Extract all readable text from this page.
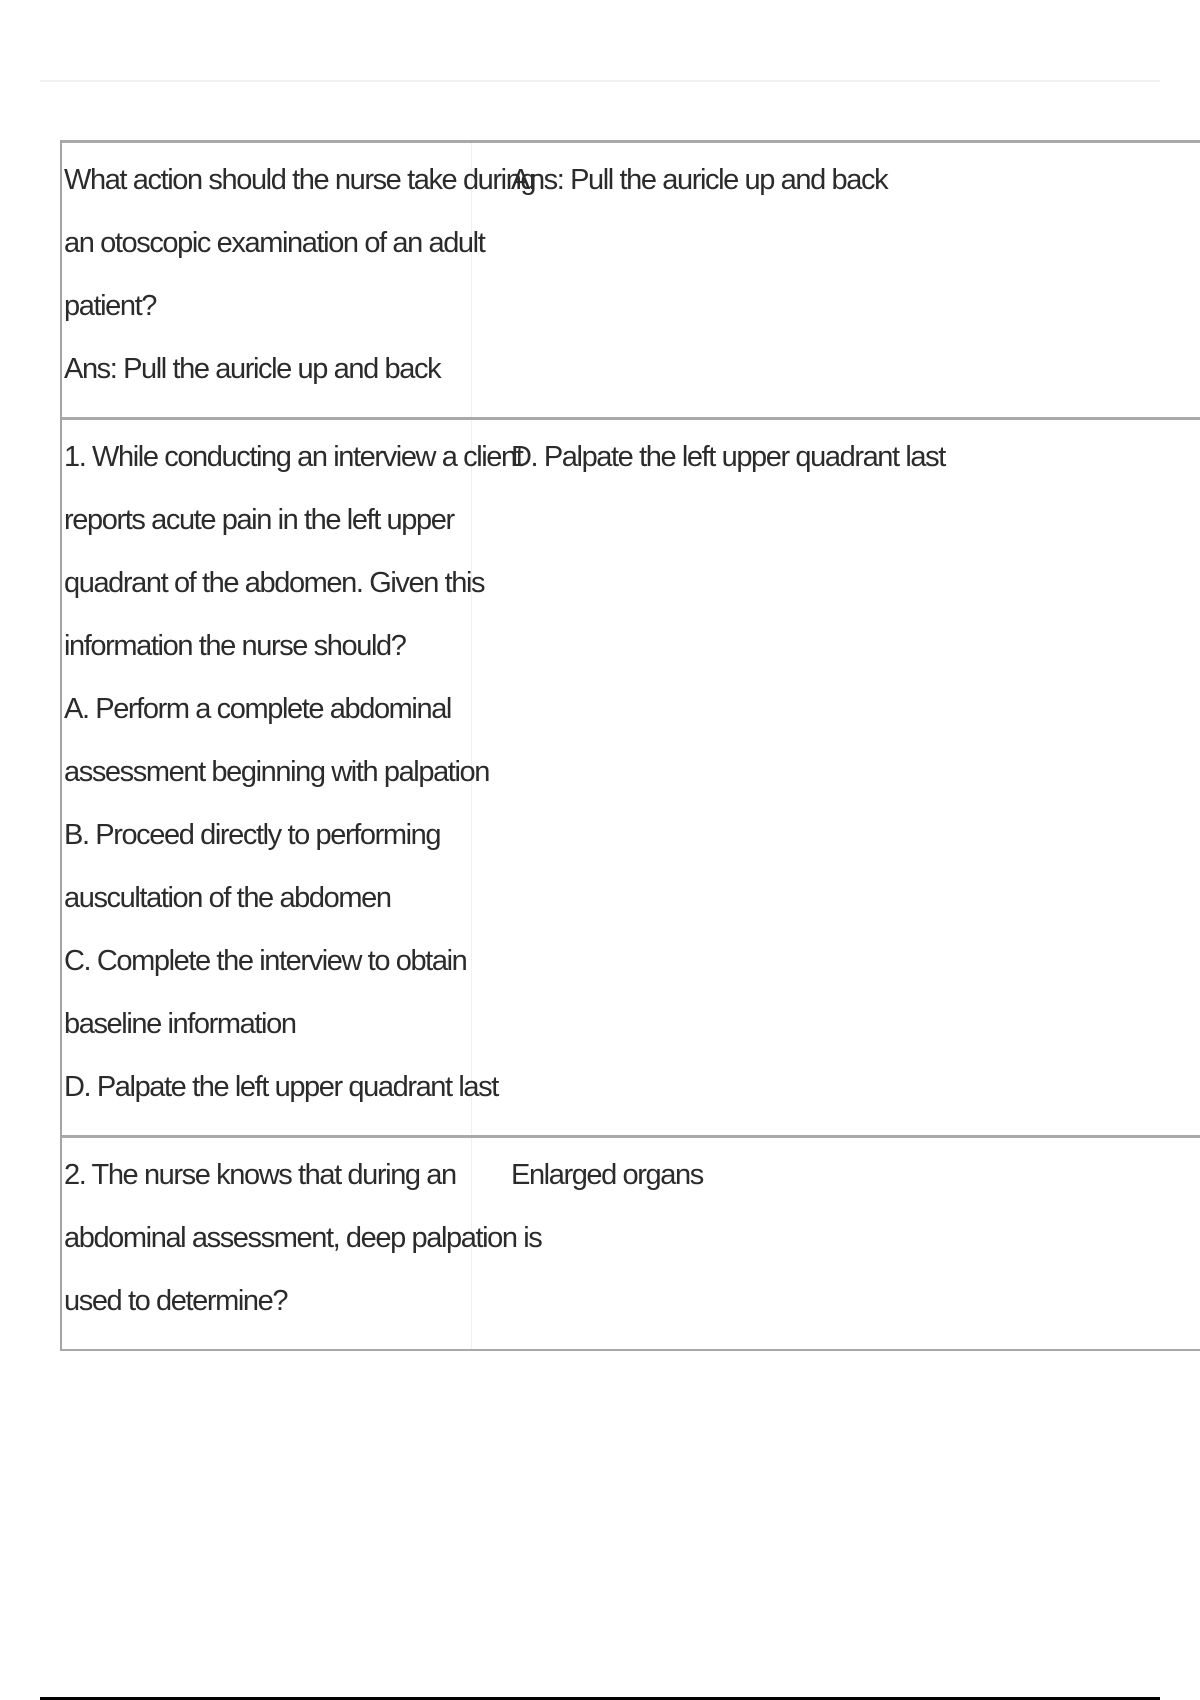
What action should the nurse take during
an otoscopic examination of an adult
patient?
Ans: Pull the auricle up and back
Ans: Pull the auricle up and back
1. While conducting an interview a client
reports acute pain in the left upper
quadrant of the abdomen. Given this
information the nurse should?
A. Perform a complete abdominal
assessment beginning with palpation
B. Proceed directly to performing
auscultation of the abdomen
C. Complete the interview to obtain
baseline information
D. Palpate the left upper quadrant last
D. Palpate the left upper quadrant last
2. The nurse knows that during an
abdominal assessment, deep palpation is
used to determine?
Enlarged organs
